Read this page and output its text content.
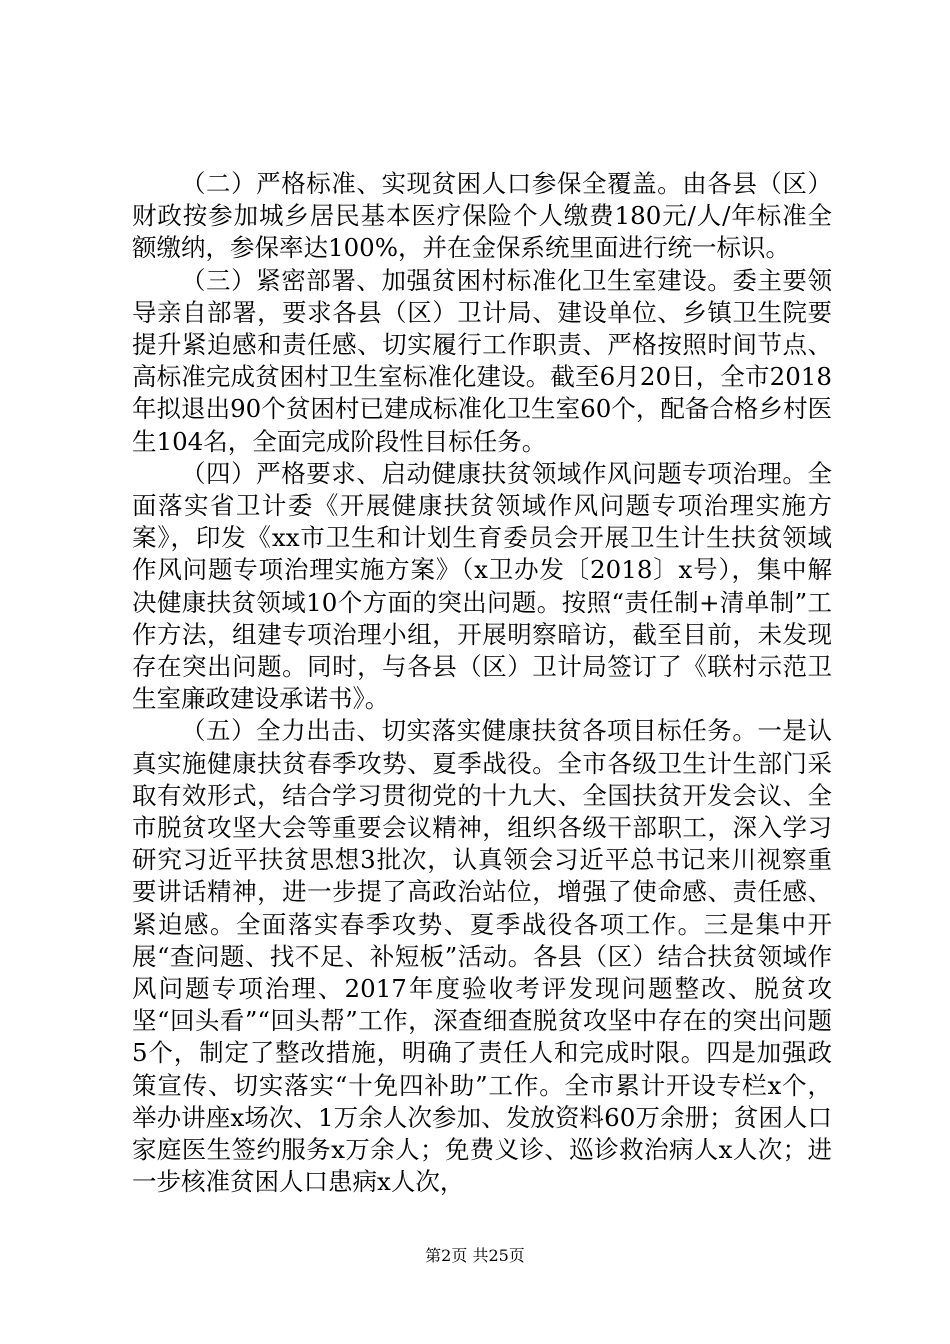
（二）严格标准、实现贫困人口参保全覆盖。由各县（区）财政按参加城乡居民基本医疗保险个人缴费180元/人/年标准全额缴纳，参保率达100%，并在金保系统里面进行统一标识。

（三）紧密部署、加强贫困村标准化卫生室建设。委主要领导亲自部署，要求各县（区）卫计局、建设单位、乡镇卫生院要提升紧迫感和责任感、切实履行工作职责、严格按照时间节点、高标准完成贫困村卫生室标准化建设。截至6月20日，全市2018年拟退出90个贫困村已建成标准化卫生室60个，配备合格乡村医生104名，全面完成阶段性目标任务。

（四）严格要求、启动健康扶贫领域作风问题专项治理。全面落实省卫计委《开展健康扶贫领域作风问题专项治理实施方案》，印发《xx市卫生和计划生育委员会开展卫生计生扶贫领域作风问题专项治理实施方案》（x卫办发〔2018〕x号），集中解决健康扶贫领域10个方面的突出问题。按照“责任制+清单制”工作方法，组建专项治理小组，开展明察暗访，截至目前，未发现存在突出问题。同时，与各县（区）卫计局签订了《联村示范卫生室廉政建设承诺书》。

（五）全力出击、切实落实健康扶贫各项目标任务。一是认真实施健康扶贫春季攻势、夏季战役。全市各级卫生计生部门采取有效形式，结合学习贯彻党的十九大、全国扶贫开发会议、全市脱贫攻坚大会等重要会议精神，组织各级干部职工，深入学习研究习近平扶贫思想3批次，认真领会习近平总书记来川视察重要讲话精神，进一步提了高政治站位，增强了使命感、责任感、紧迫感。全面落实春季攻势、夏季战役各项工作。三是集中开展“查问题、找不足、补短板”活动。各县（区）结合扶贫领域作风问题专项治理、2017年度验收考评发现问题整改、脱贫攻坚“回头看”“回头帮”工作，深查细查脱贫攻坚中存在的突出问题5个，制定了整改措施，明确了责任人和完成时限。四是加强政策宣传、切实落实“十免四补助”工作。全市累计开设专栏x个，举办讲座x场次、1万余人次参加、发放资料60万余册；贫困人口家庭医生签约服务x万余人；免费义诊、巡诊救治病人x人次；进一步核准贫困人口患病x人次，

第2页 共25页
